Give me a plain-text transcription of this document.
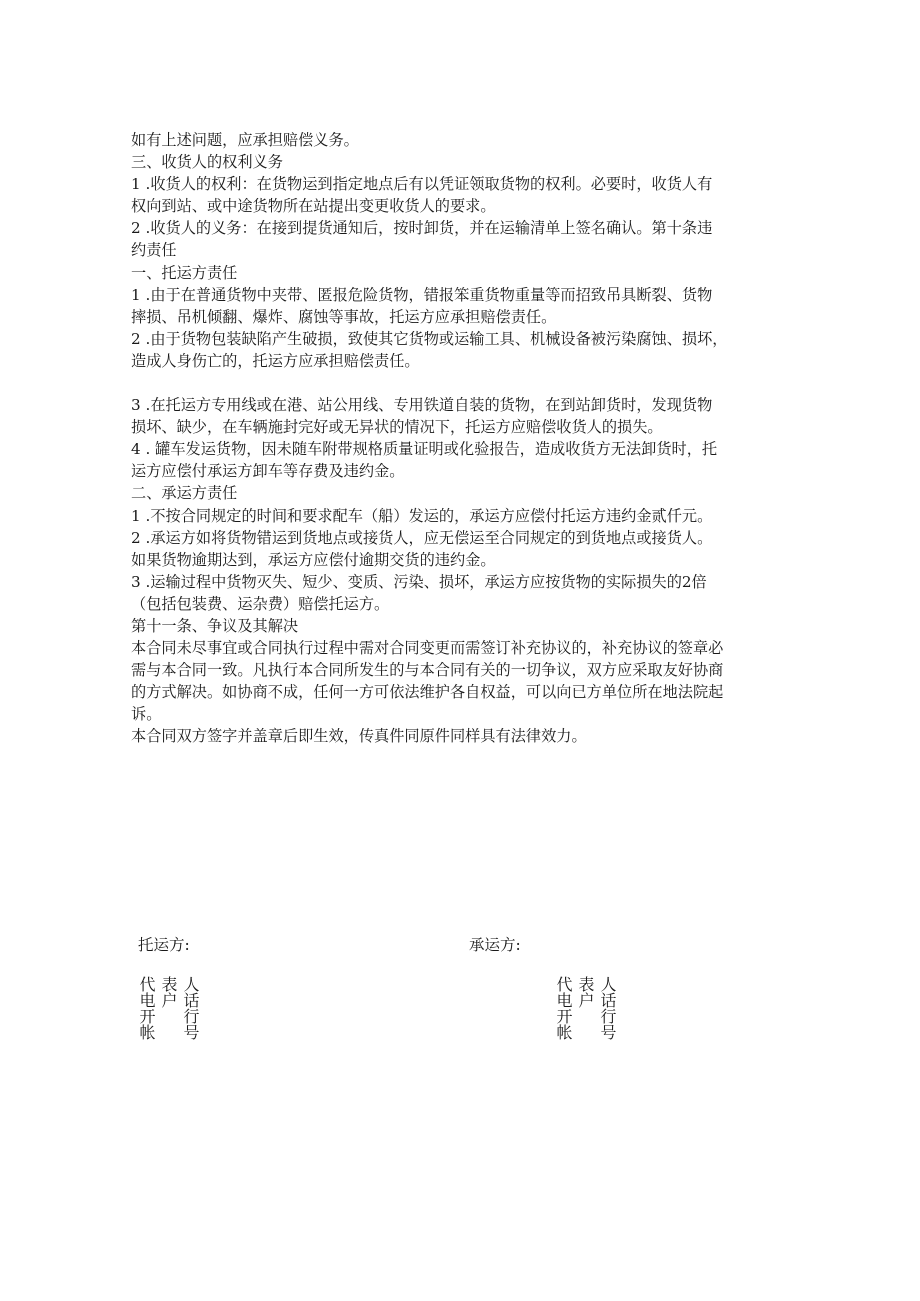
如有上述问题，应承担赔偿义务。
三、收货人的权利义务
1 .收货人的权利：在货物运到指定地点后有以凭证领取货物的权利。必要时，收货人有
权向到站、或中途货物所在站提出变更收货人的要求。
2 .收货人的义务：在接到提货通知后，按时卸货，并在运输清单上签名确认。第十条违
约责任
一、托运方责任
1 .由于在普通货物中夹带、匿报危险货物，错报笨重货物重量等而招致吊具断裂、货物
摔损、吊机倾翻、爆炸、腐蚀等事故，托运方应承担赔偿责任。
2 .由于货物包装缺陷产生破损，致使其它货物或运输工具、机械设备被污染腐蚀、损坏，
造成人身伤亡的，托运方应承担赔偿责任。
3 .在托运方专用线或在港、站公用线、专用铁道自装的货物，在到站卸货时，发现货物
损坏、缺少，在车辆施封完好或无异状的情况下，托运方应赔偿收货人的损失。
4 . 罐车发运货物，因未随车附带规格质量证明或化验报告，造成收货方无法卸货时，托
运方应偿付承运方卸车等存费及违约金。
二、承运方责任
1 .不按合同规定的时间和要求配车（船）发运的，承运方应偿付托运方违约金贰仟元。
2 .承运方如将货物错运到货地点或接货人，应无偿运至合同规定的到货地点或接货人。
如果货物逾期达到，承运方应偿付逾期交货的违约金。
3 .运输过程中货物灭失、短少、变质、污染、损坏，承运方应按货物的实际损失的2倍
（包括包装费、运杂费）赔偿托运方。
第十一条、争议及其解决
本合同未尽事宜或合同执行过程中需对合同变更而需签订补充协议的，补充协议的签章必
需与本合同一致。凡执行本合同所发生的与本合同有关的一切争议，双方应采取友好协商
的方式解决。如协商不成，任何一方可依法维护各自权益，可以向已方单位所在地法院起
诉。
本合同双方签字并盖章后即生效，传真件同原件同样具有法律效力。
托运方:	承运方:
人话行号
表户
代电开帐	人话行号
表户
代电开帐
